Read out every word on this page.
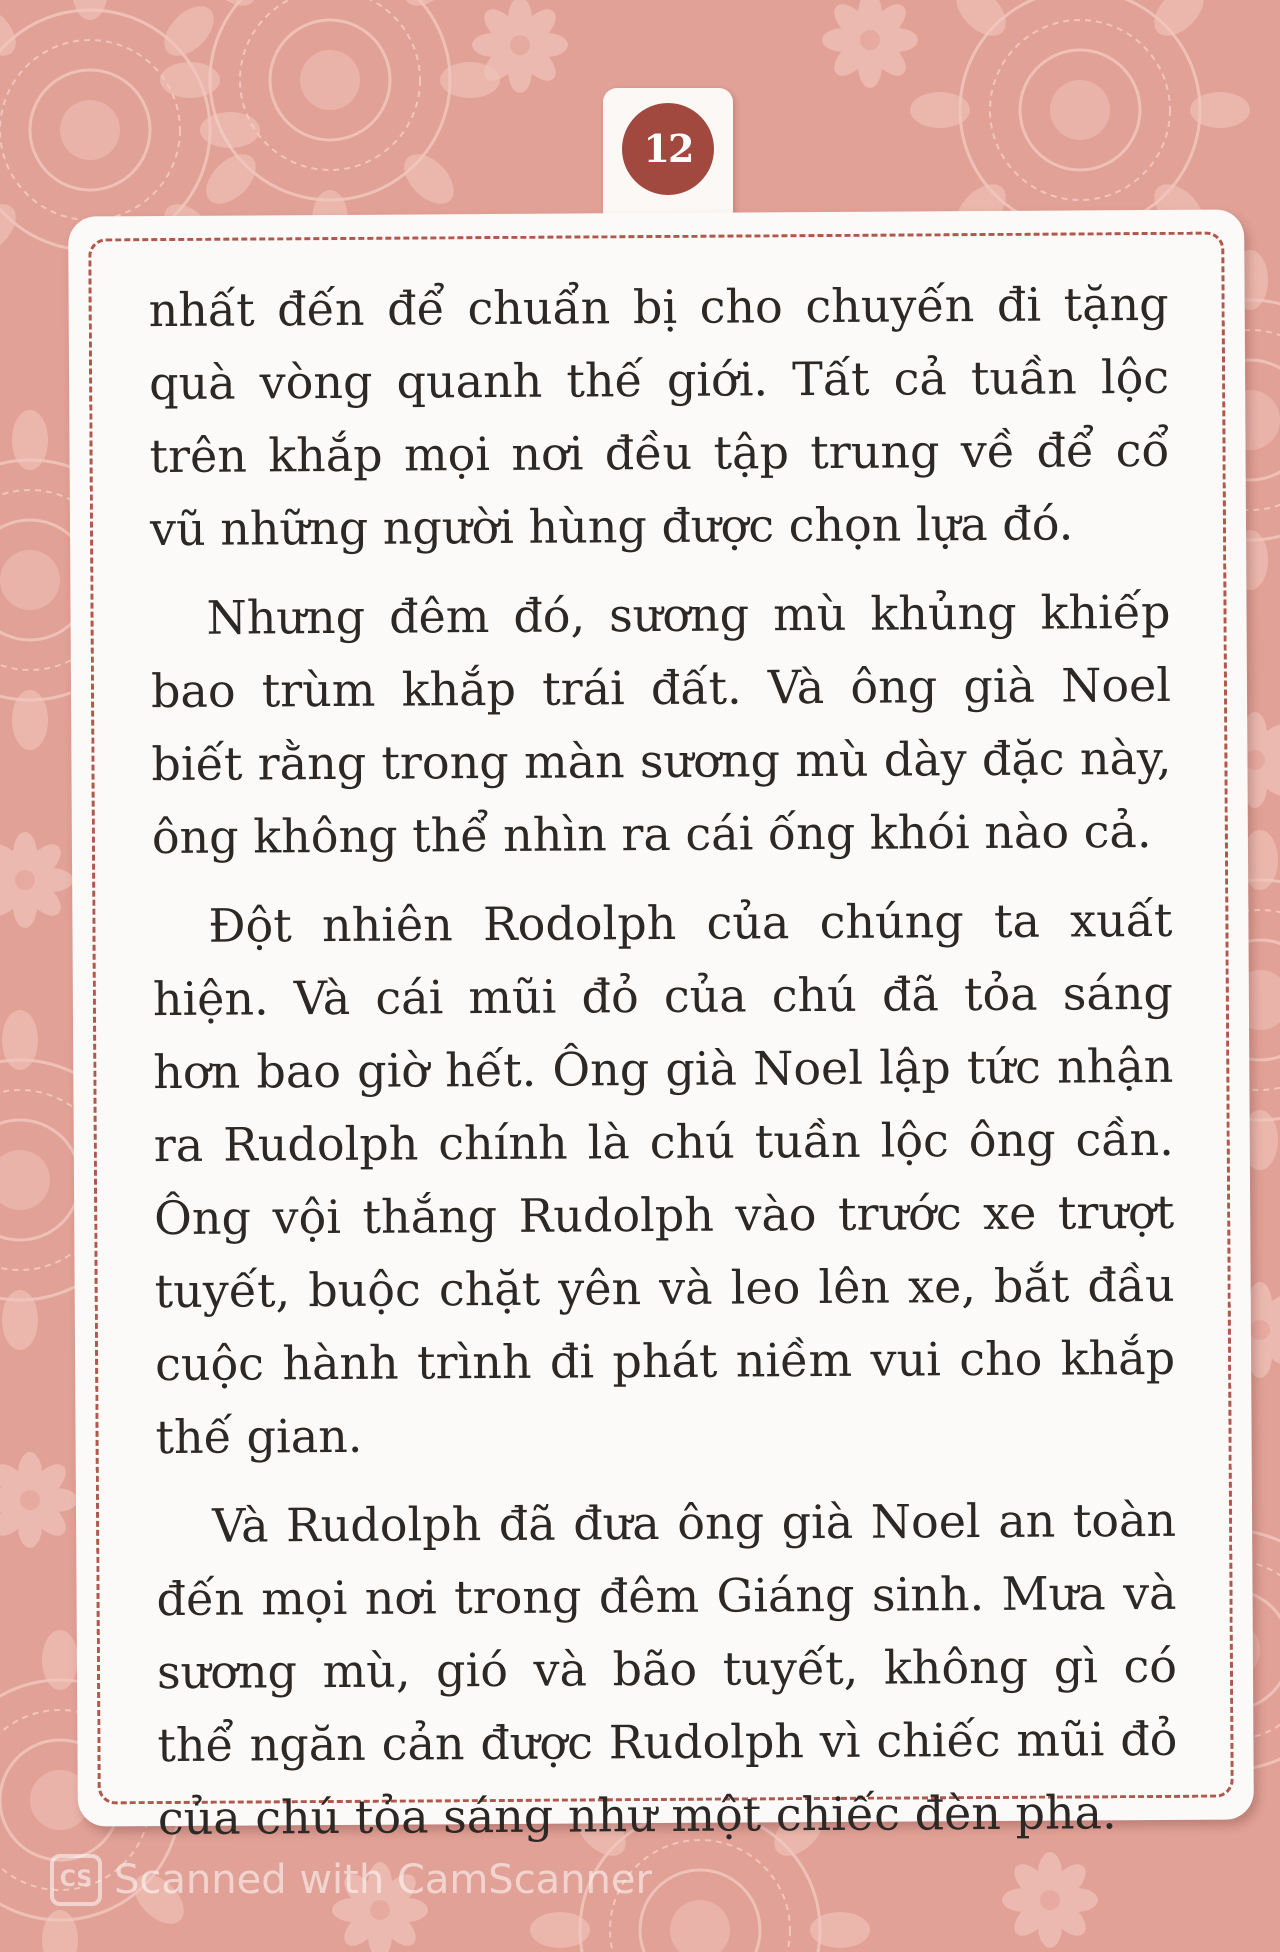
12

nhất đến để chuẩn bị cho chuyến đi tặng quà vòng quanh thế giới. Tất cả tuần lộc trên khắp mọi nơi đều tập trung về để cổ vũ những người hùng được chọn lựa đó.

Nhưng đêm đó, sương mù khủng khiếp bao trùm khắp trái đất. Và ông già Noel biết rằng trong màn sương mù dày đặc này, ông không thể nhìn ra cái ống khói nào cả.

Đột nhiên Rodolph của chúng ta xuất hiện. Và cái mũi đỏ của chú đã tỏa sáng hơn bao giờ hết. Ông già Noel lập tức nhận ra Rudolph chính là chú tuần lộc ông cần. Ông vội thắng Rudolph vào trước xe trượt tuyết, buộc chặt yên và leo lên xe, bắt đầu cuộc hành trình đi phát niềm vui cho khắp thế gian.

Và Rudolph đã đưa ông già Noel an toàn đến mọi nơi trong đêm Giáng sinh. Mưa và sương mù, gió và bão tuyết, không gì có thể ngăn cản được Rudolph vì chiếc mũi đỏ của chú tỏa sáng như một chiếc đèn pha.

CS Scanned with CamScanner
